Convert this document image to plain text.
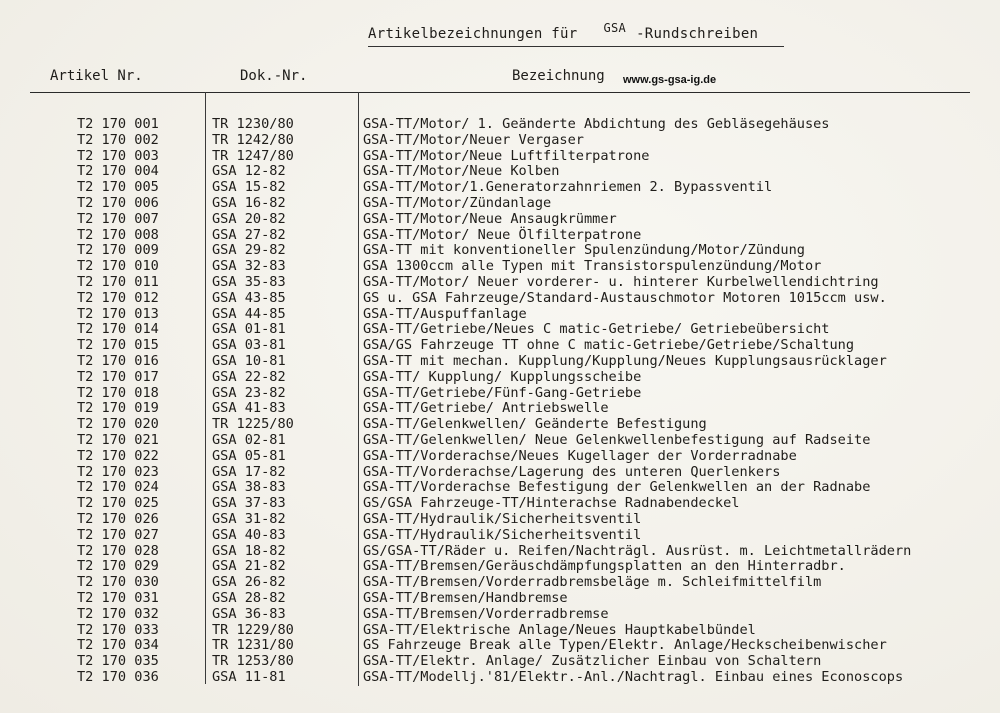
Artikelbezeichnungen für GSA -Rundschreiben
Artikel Nr.	Dok.-Nr.	Bezeichnung www.gs-gsa-ig.de
T2 170 001	TR 1230/80	GSA-TT/Motor/ 1. Geänderte Abdichtung des Gebläsegehäuses
T2 170 002	TR 1242/80	GSA-TT/Motor/Neuer Vergaser
T2 170 003	TR 1247/80	GSA-TT/Motor/Neue Luftfilterpatrone
T2 170 004	GSA 12-82	GSA-TT/Motor/Neue Kolben
T2 170 005	GSA 15-82	GSA-TT/Motor/1.Generatorzahnriemen 2. Bypassventil
T2 170 006	GSA 16-82	GSA-TT/Motor/Zündanlage
T2 170 007	GSA 20-82	GSA-TT/Motor/Neue Ansaugkrümmer
T2 170 008	GSA 27-82	GSA-TT/Motor/ Neue Ölfilterpatrone
T2 170 009	GSA 29-82	GSA-TT mit konventioneller Spulenzündung/Motor/Zündung
T2 170 010	GSA 32-83	GSA 1300ccm alle Typen mit Transistorspulenzündung/Motor
T2 170 011	GSA 35-83	GSA-TT/Motor/ Neuer vorderer- u. hinterer Kurbelwellendichtring
T2 170 012	GSA 43-85	GS u. GSA Fahrzeuge/Standard-Austauschmotor Motoren 1015ccm usw.
T2 170 013	GSA 44-85	GSA-TT/Auspuffanlage
T2 170 014	GSA 01-81	GSA-TT/Getriebe/Neues C matic-Getriebe/ Getriebeübersicht
T2 170 015	GSA 03-81	GSA/GS Fahrzeuge TT ohne C matic-Getriebe/Getriebe/Schaltung
T2 170 016	GSA 10-81	GSA-TT mit mechan. Kupplung/Kupplung/Neues Kupplungsausrücklager
T2 170 017	GSA 22-82	GSA-TT/ Kupplung/ Kupplungsscheibe
T2 170 018	GSA 23-82	GSA-TT/Getriebe/Fünf-Gang-Getriebe
T2 170 019	GSA 41-83	GSA-TT/Getriebe/ Antriebswelle
T2 170 020	TR 1225/80	GSA-TT/Gelenkwellen/ Geänderte Befestigung
T2 170 021	GSA 02-81	GSA-TT/Gelenkwellen/ Neue Gelenkwellenbefestigung auf Radseite
T2 170 022	GSA 05-81	GSA-TT/Vorderachse/Neues Kugellager der Vorderradnabe
T2 170 023	GSA 17-82	GSA-TT/Vorderachse/Lagerung des unteren Querlenkers
T2 170 024	GSA 38-83	GSA-TT/Vorderachse Befestigung der Gelenkwellen an der Radnabe
T2 170 025	GSA 37-83	GS/GSA Fahrzeuge-TT/Hinterachse Radnabendeckel
T2 170 026	GSA 31-82	GSA-TT/Hydraulik/Sicherheitsventil
T2 170 027	GSA 40-83	GSA-TT/Hydraulik/Sicherheitsventil
T2 170 028	GSA 18-82	GS/GSA-TT/Räder u. Reifen/Nachträgl. Ausrüst. m. Leichtmetallrädern
T2 170 029	GSA 21-82	GSA-TT/Bremsen/Geräuschdämpfungsplatten an den Hinterradbr.
T2 170 030	GSA 26-82	GSA-TT/Bremsen/Vorderradbremsbeläge m. Schleifmittelfilm
T2 170 031	GSA 28-82	GSA-TT/Bremsen/Handbremse
T2 170 032	GSA 36-83	GSA-TT/Bremsen/Vorderradbremse
T2 170 033	TR 1229/80	GSA-TT/Elektrische Anlage/Neues Hauptkabelbündel
T2 170 034	TR 1231/80	GS Fahrzeuge Break alle Typen/Elektr. Anlage/Heckscheibenwischer
T2 170 035	TR 1253/80	GSA-TT/Elektr. Anlage/ Zusätzlicher Einbau von Schaltern
T2 170 036	GSA 11-81	GSA-TT/Modellj.'81/Elektr.-Anl./Nachtragl. Einbau eines Econoscops
